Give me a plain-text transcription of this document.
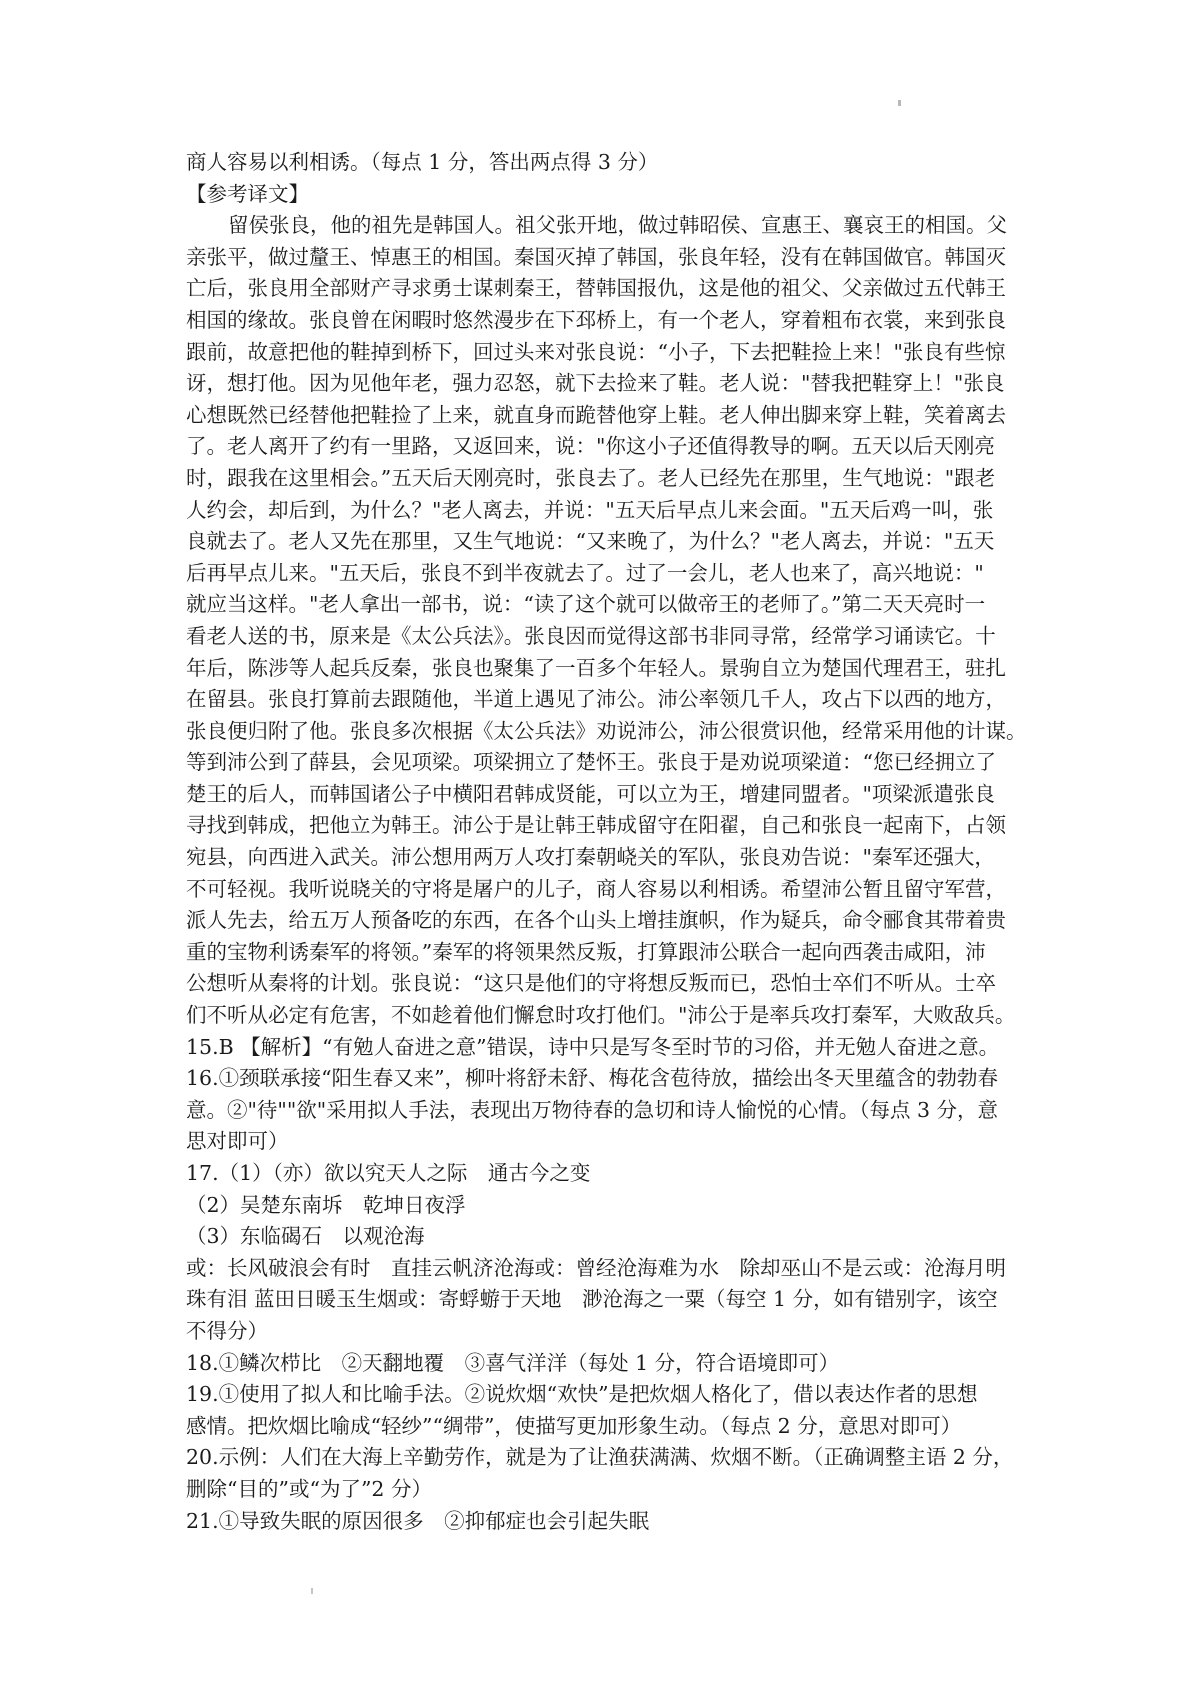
商人容易以利相诱。（每点 1 分，答出两点得 3 分）
【参考译文】
留侯张良，他的祖先是韩国人。祖父张开地，做过韩昭侯、宣惠王、襄哀王的相国。父
亲张平，做过釐王、悼惠王的相国。秦国灭掉了韩国，张良年轻，没有在韩国做官。韩国灭
亡后，张良用全部财产寻求勇士谋刺秦王，替韩国报仇，这是他的祖父、父亲做过五代韩王
相国的缘故。张良曾在闲暇时悠然漫步在下邳桥上，有一个老人，穿着粗布衣裳，来到张良
跟前，故意把他的鞋掉到桥下，回过头来对张良说：“小子，下去把鞋捡上来！"张良有些惊
讶，想打他。因为见他年老，强力忍怒，就下去捡来了鞋。老人说："替我把鞋穿上！"张良
心想既然已经替他把鞋捡了上来，就直身而跪替他穿上鞋。老人伸出脚来穿上鞋，笑着离去
了。老人离开了约有一里路，又返回来，说："你这小子还值得教导的啊。五天以后天刚亮
时，跟我在这里相会。”五天后天刚亮时，张良去了。老人已经先在那里，生气地说："跟老
人约会，却后到，为什么？"老人离去，并说："五天后早点儿来会面。"五天后鸡一叫，张
良就去了。老人又先在那里，又生气地说：“又来晚了，为什么？"老人离去，并说："五天
后再早点儿来。"五天后，张良不到半夜就去了。过了一会儿，老人也来了，高兴地说："
就应当这样。"老人拿出一部书，说：“读了这个就可以做帝王的老师了。”第二天天亮时一
看老人送的书，原来是《太公兵法》。张良因而觉得这部书非同寻常，经常学习诵读它。十
年后，陈涉等人起兵反秦，张良也聚集了一百多个年轻人。景驹自立为楚国代理君王，驻扎
在留县。张良打算前去跟随他，半道上遇见了沛公。沛公率领几千人，攻占下以西的地方，
张良便归附了他。张良多次根据《太公兵法》劝说沛公，沛公很赏识他，经常采用他的计谋。
等到沛公到了薛县，会见项梁。项梁拥立了楚怀王。张良于是劝说项梁道：“您已经拥立了
楚王的后人，而韩国诸公子中横阳君韩成贤能，可以立为王，增建同盟者。"项梁派遣张良
寻找到韩成，把他立为韩王。沛公于是让韩王韩成留守在阳翟，自己和张良一起南下，占领
宛县，向西进入武关。沛公想用两万人攻打秦朝峣关的军队，张良劝告说："秦军还强大，
不可轻视。我听说晓关的守将是屠户的儿子，商人容易以利相诱。希望沛公暂且留守军营，
派人先去，给五万人预备吃的东西，在各个山头上增挂旗帜，作为疑兵，命令郦食其带着贵
重的宝物利诱秦军的将领。”秦军的将领果然反叛，打算跟沛公联合一起向西袭击咸阳，沛
公想听从秦将的计划。张良说：“这只是他们的守将想反叛而已，恐怕士卒们不听从。士卒
们不听从必定有危害，不如趁着他们懈怠时攻打他们。"沛公于是率兵攻打秦军，大败敌兵。
15.B 【解析】“有勉人奋进之意”错误，诗中只是写冬至时节的习俗，并无勉人奋进之意。
16.①颈联承接“阳生春又来”，柳叶将舒未舒、梅花含苞待放，描绘出冬天里蕴含的勃勃春
意。②"待""欲"采用拟人手法，表现出万物待春的急切和诗人愉悦的心情。（每点 3 分，意
思对即可）
17.（1）（亦）欲以究天人之际　通古今之变
（2）吴楚东南坼　乾坤日夜浮
（3）东临碣石　以观沧海
或：长风破浪会有时　直挂云帆济沧海或：曾经沧海难为水　除却巫山不是云或：沧海月明
珠有泪 蓝田日暖玉生烟或：寄蜉蝣于天地　渺沧海之一粟（每空 1 分，如有错别字，该空
不得分）
18.①鳞次栉比　②天翻地覆　③喜气洋洋（每处 1 分，符合语境即可）
19.①使用了拟人和比喻手法。②说炊烟“欢快”是把炊烟人格化了，借以表达作者的思想
感情。把炊烟比喻成“轻纱”“绸带”，使描写更加形象生动。（每点 2 分，意思对即可）
20.示例：人们在大海上辛勤劳作，就是为了让渔获满满、炊烟不断。（正确调整主语 2 分，
删除“目的”或“为了”2 分）
21.①导致失眠的原因很多　②抑郁症也会引起失眠
